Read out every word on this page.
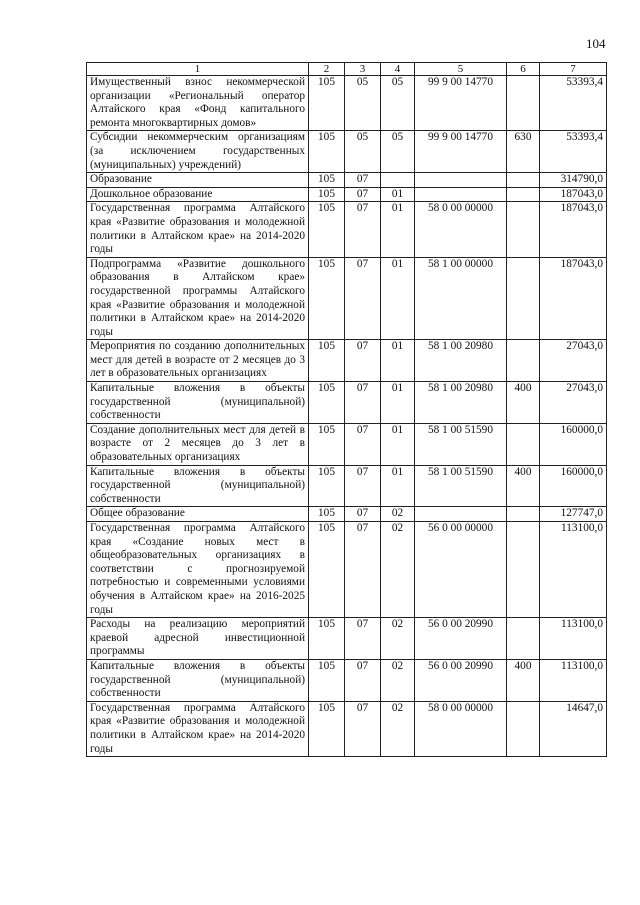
104
1	2	3	4	5	6	7
Имущественный взнос некоммерческой организации «Региональный оператор Алтайского края «Фонд капитального ремонта многоквартирных домов»	105	05	05	99 9 00 14770		53393,4
Субсидии некоммерческим организациям (за исключением государственных (муниципальных) учреждений)	105	05	05	99 9 00 14770	630	53393,4
Образование	105	07				314790,0
Дошкольное образование	105	07	01			187043,0
Государственная программа Алтайского края «Развитие образования и молодежной политики в Алтайском крае» на 2014-2020 годы	105	07	01	58 0 00 00000		187043,0
Подпрограмма «Развитие дошкольного образования в Алтайском крае» государственной программы Алтайского края «Развитие образования и молодежной политики в Алтайском крае» на 2014-2020 годы	105	07	01	58 1 00 00000		187043,0
Мероприятия по созданию дополнительных мест для детей в возрасте от 2 месяцев до 3 лет в образовательных организациях	105	07	01	58 1 00 20980		27043,0
Капитальные вложения в объекты государственной (муниципальной) собственности	105	07	01	58 1 00 20980	400	27043,0
Создание дополнительных мест для детей в возрасте от 2 месяцев до 3 лет в образовательных организациях	105	07	01	58 1 00 51590		160000,0
Капитальные вложения в объекты государственной (муниципальной) собственности	105	07	01	58 1 00 51590	400	160000,0
Общее образование	105	07	02			127747,0
Государственная программа Алтайского края «Создание новых мест в общеобразовательных организациях в соответствии с прогнозируемой потребностью и современными условиями обучения в Алтайском крае» на 2016-2025 годы	105	07	02	56 0 00 00000		113100,0
Расходы на реализацию мероприятий краевой адресной инвестиционной программы	105	07	02	56 0 00 20990		113100,0
Капитальные вложения в объекты государственной (муниципальной) собственности	105	07	02	56 0 00 20990	400	113100,0
Государственная программа Алтайского края «Развитие образования и молодежной политики в Алтайском крае» на 2014-2020 годы	105	07	02	58 0 00 00000		14647,0
